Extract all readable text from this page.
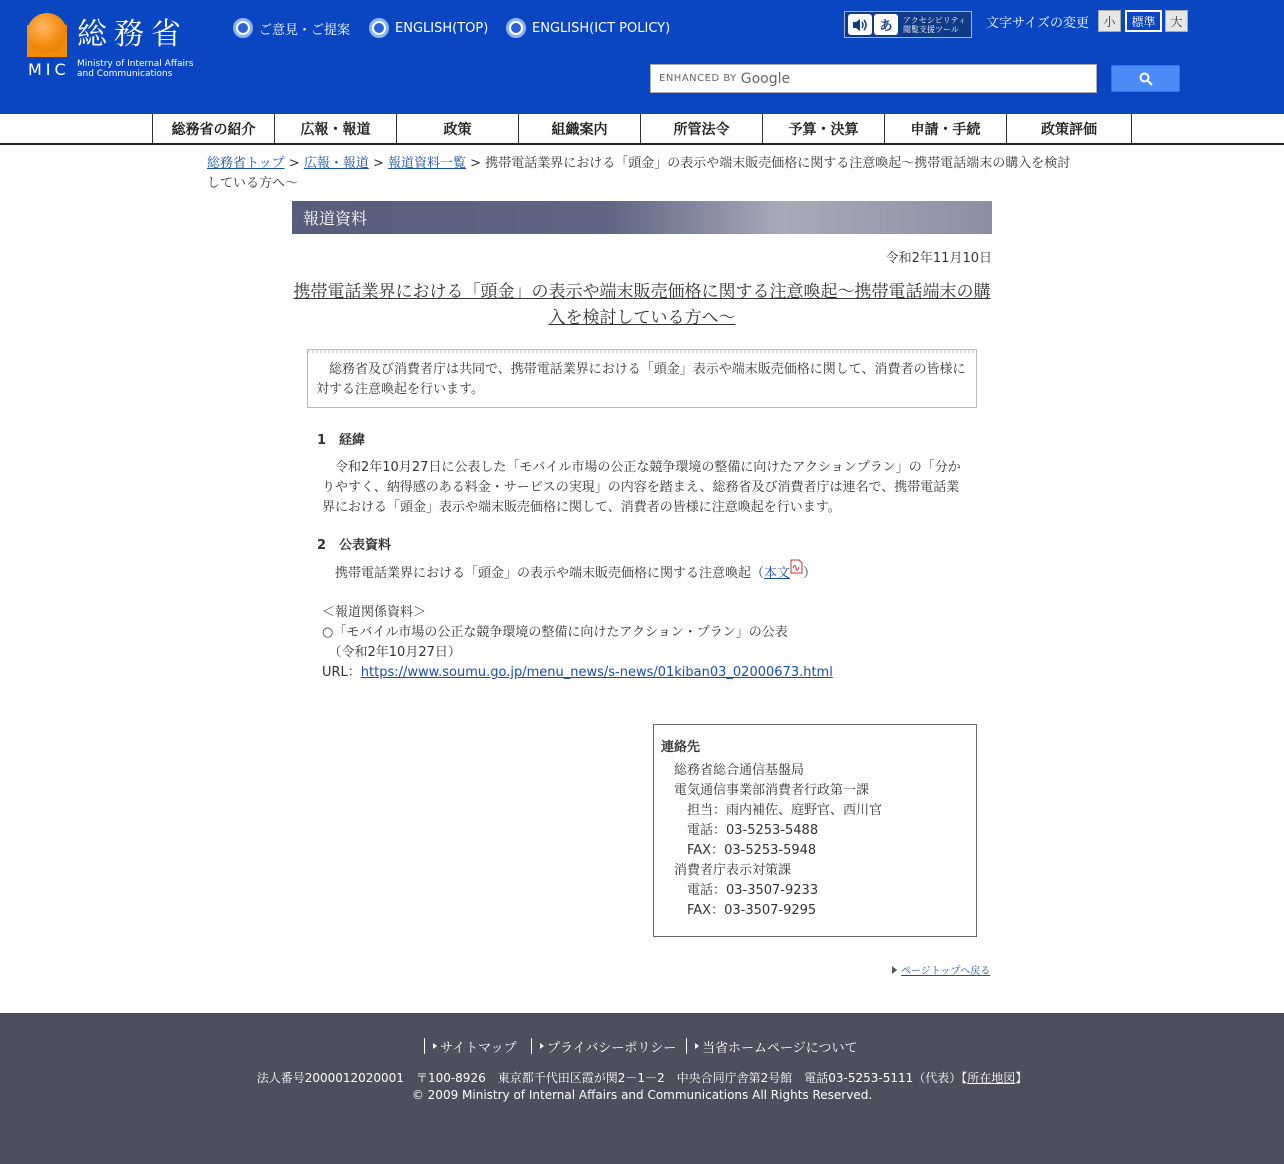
総務省
MIC Ministry of Internal Affairs
and Communications
ご意見・ご提案	ENGLISH(TOP)	ENGLISH(ICT POLICY)	あ	アクセシビリティ
閲覧支援ツール	文字サイズの変更	小	標準	大
ENHANCED BY Google
総務省の紹介	広報・報道	政策	組織案内	所管法令	予算・決算	申請・手続	政策評価
総務省トップ > 広報・報道 > 報道資料一覧 > 携帯電話業界における「頭金」の表示や端末販売価格に関する注意喚起～携帯電話端末の購入を検討している方へ～
報道資料
令和2年11月10日
携帯電話業界における「頭金」の表示や端末販売価格に関する注意喚起～携帯電話端末の購入を検討している方へ～
　総務省及び消費者庁は共同で、携帯電話業界における「頭金」表示や端末販売価格に関して、消費者の皆様に対する注意喚起を行います。
1　経緯
　令和2年10月27日に公表した「モバイル市場の公正な競争環境の整備に向けたアクションプラン」の「分かりやすく、納得感のある料金・サービスの実現」の内容を踏まえ、総務省及び消費者庁は連名で、携帯電話業界における「頭金」表示や端末販売価格に関して、消費者の皆様に注意喚起を行います。
2　公表資料
　携帯電話業界における「頭金」の表示や端末販売価格に関する注意喚起（本文 ）
＜報道関係資料＞
○「モバイル市場の公正な競争環境の整備に向けたアクション・プラン」の公表
　（令和2年10月27日）
URL：https://www.soumu.go.jp/menu_news/s-news/01kiban03_02000673.html
連絡先
総務省総合通信基盤局
電気通信事業部消費者行政第一課
担当：雨内補佐、庭野官、西川官
電話：03-5253-5488
FAX：03-5253-5948
消費者庁表示対策課
電話：03-3507-9233
FAX：03-3507-9295
ページトップへ戻る
サイトマップ プライバシーポリシー 当省ホームページについて
法人番号2000012020001　〒100-8926　東京都千代田区霞が関2－1－2　中央合同庁舎第2号館　電話03-5253-5111（代表）【所在地図】
© 2009 Ministry of Internal Affairs and Communications All Rights Reserved.
